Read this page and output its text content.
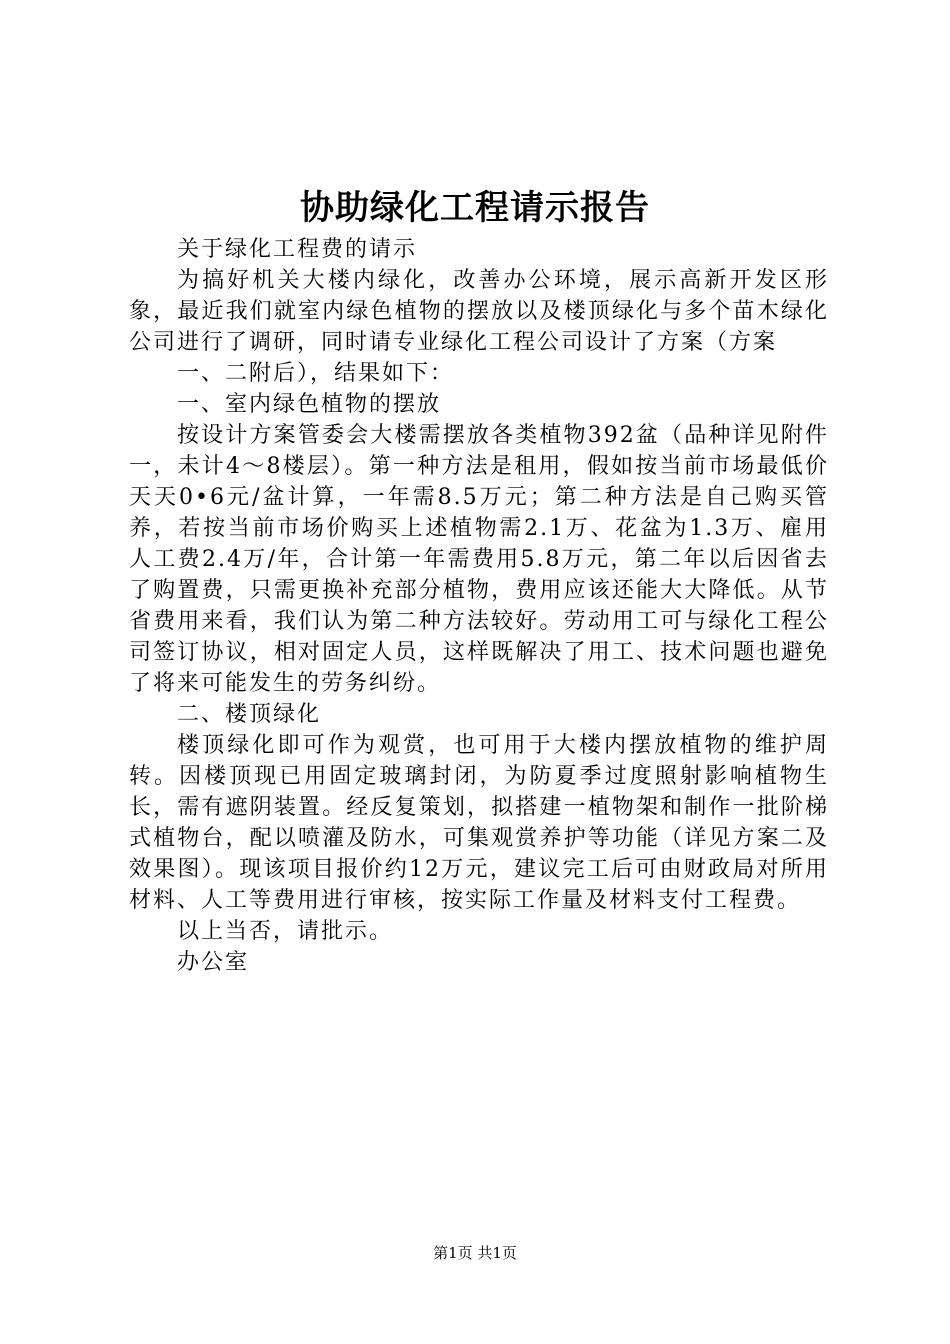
协助绿化工程请示报告

关于绿化工程费的请示

为搞好机关大楼内绿化，改善办公环境，展示高新开发区形象，最近我们就室内绿色植物的摆放以及楼顶绿化与多个苗木绿化公司进行了调研，同时请专业绿化工程公司设计了方案（方案

一、二附后），结果如下：

一、室内绿色植物的摆放

按设计方案管委会大楼需摆放各类植物392盆（品种详见附件一，未计4～8楼层）。第一种方法是租用，假如按当前市场最低价天天0•6元/盆计算，一年需8.5万元；第二种方法是自己购买管养，若按当前市场价购买上述植物需2.1万、花盆为1.3万、雇用人工费2.4万/年，合计第一年需费用5.8万元，第二年以后因省去了购置费，只需更换补充部分植物，费用应该还能大大降低。从节省费用来看，我们认为第二种方法较好。劳动用工可与绿化工程公司签订协议，相对固定人员，这样既解决了用工、技术问题也避免了将来可能发生的劳务纠纷。

二、楼顶绿化

楼顶绿化即可作为观赏，也可用于大楼内摆放植物的维护周转。因楼顶现已用固定玻璃封闭，为防夏季过度照射影响植物生长，需有遮阴装置。经反复策划，拟搭建一植物架和制作一批阶梯式植物台，配以喷灌及防水，可集观赏养护等功能（详见方案二及效果图）。现该项目报价约12万元，建议完工后可由财政局对所用材料、人工等费用进行审核，按实际工作量及材料支付工程费。

以上当否，请批示。

办公室

第1页 共1页
